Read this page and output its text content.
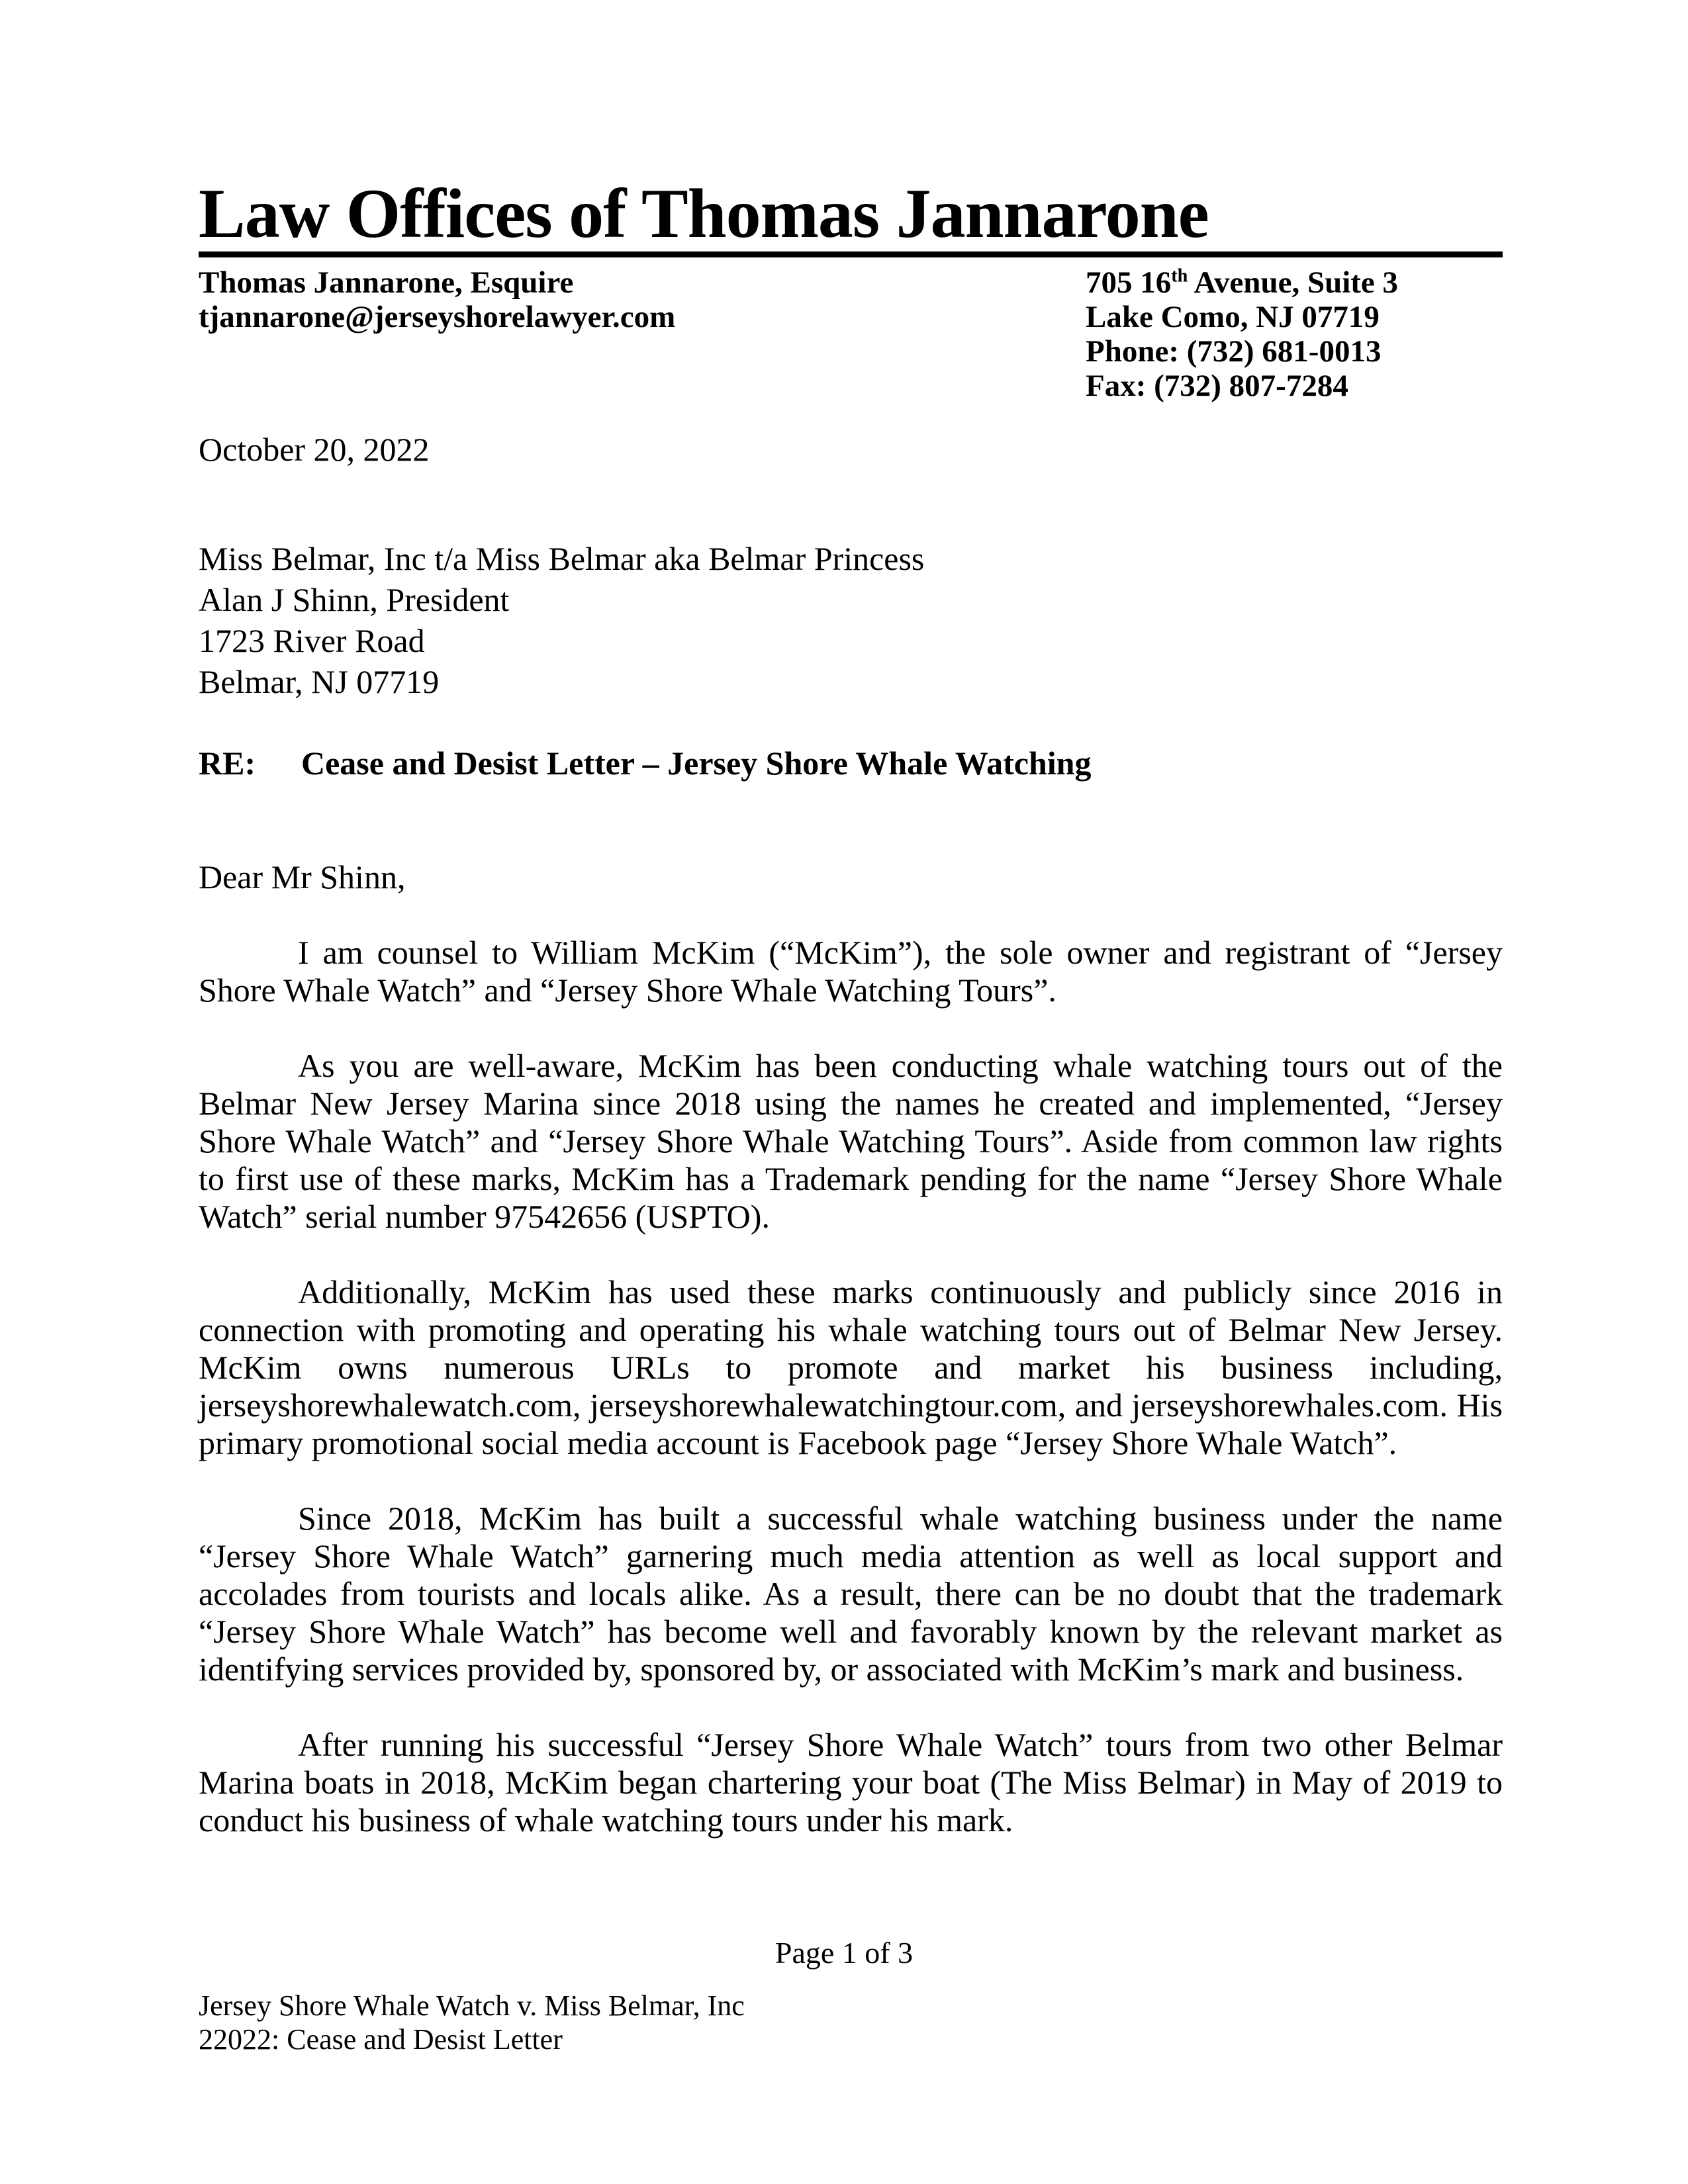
Law Offices of Thomas Jannarone
Thomas Jannarone, Esquire
tjannarone@jerseyshorelawyer.com
705 16th Avenue, Suite 3
Lake Como, NJ 07719
Phone: (732) 681-0013
Fax: (732) 807-7284
October 20, 2022
Miss Belmar, Inc t/a Miss Belmar aka Belmar Princess
Alan J Shinn, President
1723 River Road
Belmar, NJ 07719
RE: Cease and Desist Letter – Jersey Shore Whale Watching
Dear Mr Shinn,

I am counsel to William McKim (“McKim”), the sole owner and registrant of “Jersey Shore Whale Watch” and “Jersey Shore Whale Watching Tours”.

As you are well-aware, McKim has been conducting whale watching tours out of the Belmar New Jersey Marina since 2018 using the names he created and implemented, “Jersey Shore Whale Watch” and “Jersey Shore Whale Watching Tours”. Aside from common law rights to first use of these marks, McKim has a Trademark pending for the name “Jersey Shore Whale Watch” serial number 97542656 (USPTO).

Additionally, McKim has used these marks continuously and publicly since 2016 in connection with promoting and operating his whale watching tours out of Belmar New Jersey. McKim owns numerous URLs to promote and market his business including, jerseyshorewhalewatch.com, jerseyshorewhalewatchingtour.com, and jerseyshorewhales.com. His primary promotional social media account is Facebook page “Jersey Shore Whale Watch”.

Since 2018, McKim has built a successful whale watching business under the name “Jersey Shore Whale Watch” garnering much media attention as well as local support and accolades from tourists and locals alike. As a result, there can be no doubt that the trademark “Jersey Shore Whale Watch” has become well and favorably known by the relevant market as identifying services provided by, sponsored by, or associated with McKim’s mark and business.

After running his successful “Jersey Shore Whale Watch” tours from two other Belmar Marina boats in 2018, McKim began chartering your boat (The Miss Belmar) in May of 2019 to conduct his business of whale watching tours under his mark.

Page 1 of 3
Jersey Shore Whale Watch v. Miss Belmar, Inc
22022: Cease and Desist Letter
